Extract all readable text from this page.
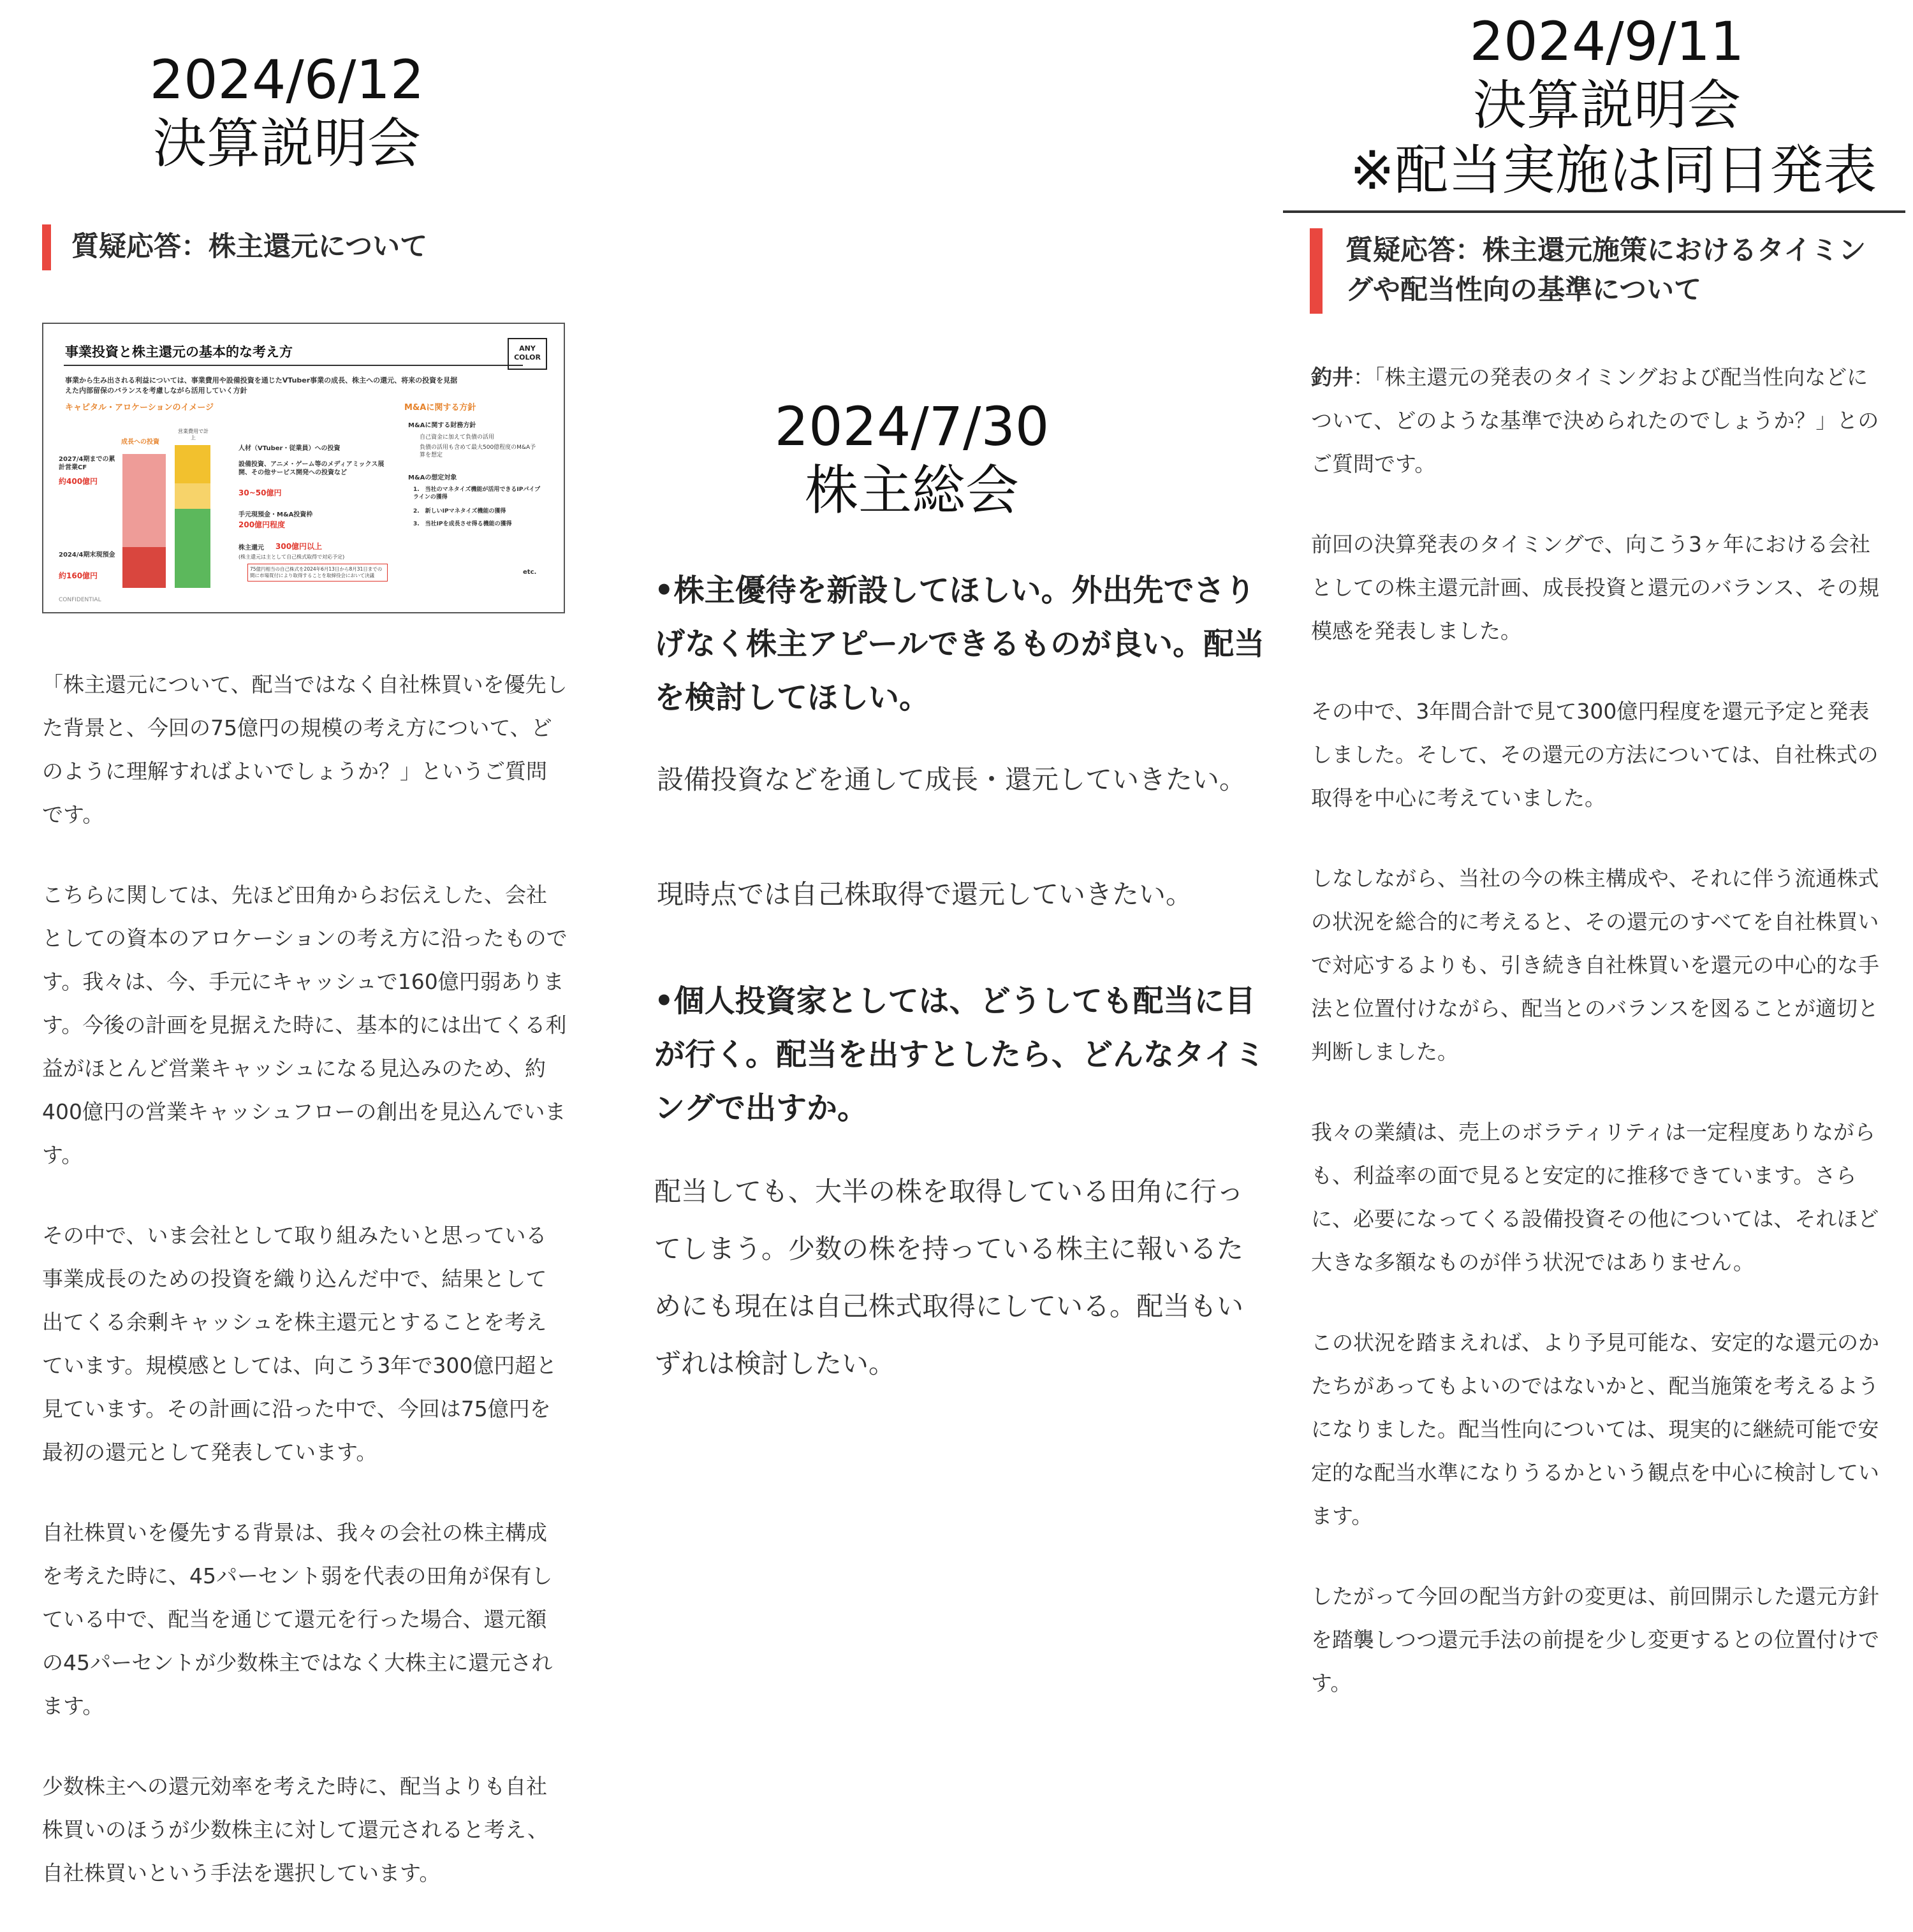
2024/6/12
決算説明会
質疑応答：株主還元について
事業投資と株主還元の基本的な考え方	ANY COLOR
事業から生み出される利益については、事業費用や設備投資を通じたVTuber事業の成長、株主への還元、将来の投資を見据
えた内部留保のバランスを考慮しながら活用していく方針
キャピタル・アロケーションのイメージ	M&Aに関する方針
成長への投資
営業費用で計上
2027/4期までの累計営業CF
約400億円
2024/4期末現預金
約160億円
人材（VTuber・従業員）への投資
設備投資、アニメ・ゲーム等のメディアミックス展開、その他サービス開発への投資など
30~50億円
手元現預金・M&A投資枠
200億円程度
株主還元 300億円以上
(株主還元は主として自己株式取得で対応予定)
75億円相当の自己株式を2024年6月13日から8月31日までの間に市場買付により取得することを取締役会において決議
M&Aに関する財務方針
自己資金に加えて負債の活用
負債の活用も含めて最大500億程度のM&A予算を想定
M&Aの想定対象
1.　当社のマネタイズ機能が活用できるIPパイプラインの獲得
2.　新しいIPマネタイズ機能の獲得
3.　当社IPを成長させ得る機能の獲得
etc.
CONFIDENTIAL

「株主還元について、配当ではなく自社株買いを優先した背景と、今回の75億円の規模の考え方について、どのように理解すればよいでしょうか？」というご質問です。

こちらに関しては、先ほど田角からお伝えした、会社としての資本のアロケーションの考え方に沿ったものです。我々は、今、手元にキャッシュで160億円弱あります。今後の計画を見据えた時に、基本的には出てくる利益がほとんど営業キャッシュになる見込みのため、約400億円の営業キャッシュフローの創出を見込んでいます。

その中で、いま会社として取り組みたいと思っている事業成長のための投資を織り込んだ中で、結果として出てくる余剰キャッシュを株主還元とすることを考えています。規模感としては、向こう3年で300億円超と見ています。その計画に沿った中で、今回は75億円を最初の還元として発表しています。

自社株買いを優先する背景は、我々の会社の株主構成を考えた時に、45パーセント弱を代表の田角が保有している中で、配当を通じて還元を行った場合、還元額の45パーセントが少数株主ではなく大株主に還元されます。

少数株主への還元効率を考えた時に、配当よりも自社株買いのほうが少数株主に対して還元されると考え、自社株買いという手法を選択しています。

2024/7/30
株主総会
•株主優待を新設してほしい。外出先でさりげなく株主アピールできるものが良い。配当を検討してほしい。
設備投資などを通して成長・還元していきたい。
現時点では自己株取得で還元していきたい。
•個人投資家としては、どうしても配当に目が行く。配当を出すとしたら、どんなタイミングで出すか。
配当しても、大半の株を取得している田角に行ってしまう。少数の株を持っている株主に報いるためにも現在は自己株式取得にしている。配当もいずれは検討したい。
2024/9/11
決算説明会
※配当実施は同日発表
質疑応答：株主還元施策におけるタイミングや配当性向の基準について

釣井：「株主還元の発表のタイミングおよび配当性向などについて、どのような基準で決められたのでしょうか？」とのご質問です。

前回の決算発表のタイミングで、向こう3ヶ年における会社としての株主還元計画、成長投資と還元のバランス、その規模感を発表しました。

その中で、3年間合計で見て300億円程度を還元予定と発表しました。そして、その還元の方法については、自社株式の取得を中心に考えていました。

しなしながら、当社の今の株主構成や、それに伴う流通株式の状況を総合的に考えると、その還元のすべてを自社株買いで対応するよりも、引き続き自社株買いを還元の中心的な手法と位置付けながら、配当とのバランスを図ることが適切と判断しました。

我々の業績は、売上のボラティリティは一定程度ありながらも、利益率の面で見ると安定的に推移できています。さらに、必要になってくる設備投資その他については、それほど大きな多額なものが伴う状況ではありません。

この状況を踏まえれば、より予見可能な、安定的な還元のかたちがあってもよいのではないかと、配当施策を考えるようになりました。配当性向については、現実的に継続可能で安定的な配当水準になりうるかという観点を中心に検討しています。

したがって今回の配当方針の変更は、前回開示した還元方針を踏襲しつつ還元手法の前提を少し変更するとの位置付けです。
